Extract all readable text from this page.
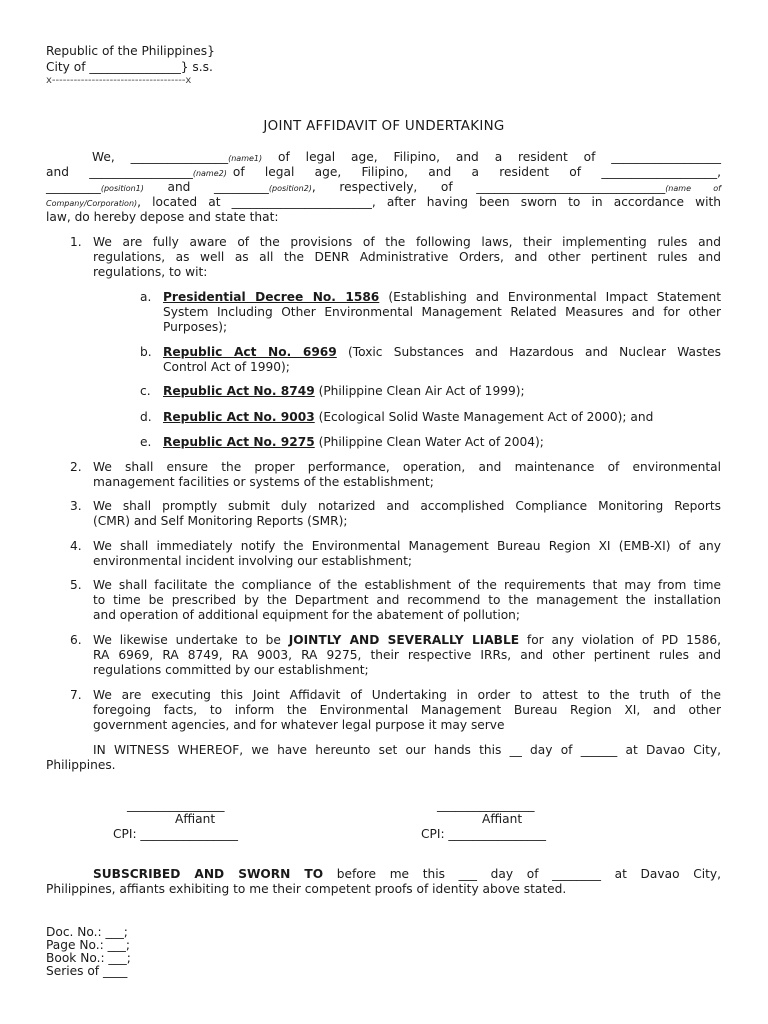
Republic of the Philippines}
City of _______________} s.s.
x-------------------------------------x
JOINT AFFIDAVIT OF UNDERTAKING
We, ________________(name1) of legal age, Filipino, and a resident of __________________
and _________________(name2) of legal age, Filipino, and a resident of ___________________,
_________(position1) and _________(position2), respectively, of _______________________________(name of
Company/Corporation), located at _______________________, after having been sworn to in accordance with
law, do hereby depose and state that:
1. We are fully aware of the provisions of the following laws, their implementing rules and
regulations, as well as all the DENR Administrative Orders, and other pertinent rules and
regulations, to wit:
a. Presidential Decree No. 1586 (Establishing and Environmental Impact Statement
System Including Other Environmental Management Related Measures and for other
Purposes);
b. Republic Act No. 6969 (Toxic Substances and Hazardous and Nuclear Wastes
Control Act of 1990);
c. Republic Act No. 8749 (Philippine Clean Air Act of 1999);
d. Republic Act No. 9003 (Ecological Solid Waste Management Act of 2000); and
e. Republic Act No. 9275 (Philippine Clean Water Act of 2004);
2. We shall ensure the proper performance, operation, and maintenance of environmental
management facilities or systems of the establishment;
3. We shall promptly submit duly notarized and accomplished Compliance Monitoring Reports
(CMR) and Self Monitoring Reports (SMR);
4. We shall immediately notify the Environmental Management Bureau Region XI (EMB-XI) of any
environmental incident involving our establishment;
5. We shall facilitate the compliance of the establishment of the requirements that may from time
to time be prescribed by the Department and recommend to the management the installation
and operation of additional equipment for the abatement of pollution;
6. We likewise undertake to be JOINTLY AND SEVERALLY LIABLE for any violation of PD 1586,
RA 6969, RA 8749, RA 9003, RA 9275, their respective IRRs, and other pertinent rules and
regulations committed by our establishment;
7. We are executing this Joint Affidavit of Undertaking in order to attest to the truth of the
foregoing facts, to inform the Environmental Management Bureau Region XI, and other
government agencies, and for whatever legal purpose it may serve
IN WITNESS WHEREOF, we have hereunto set our hands this __ day of ______ at Davao City,
Philippines.
________________
Affiant
CPI: ________________
________________
Affiant
CPI: ________________
SUBSCRIBED AND SWORN TO before me this ___ day of ________ at Davao City,
Philippines, affiants exhibiting to me their competent proofs of identity above stated.
Doc. No.: ___;
Page No.: ___;
Book No.: ___;
Series of ____
